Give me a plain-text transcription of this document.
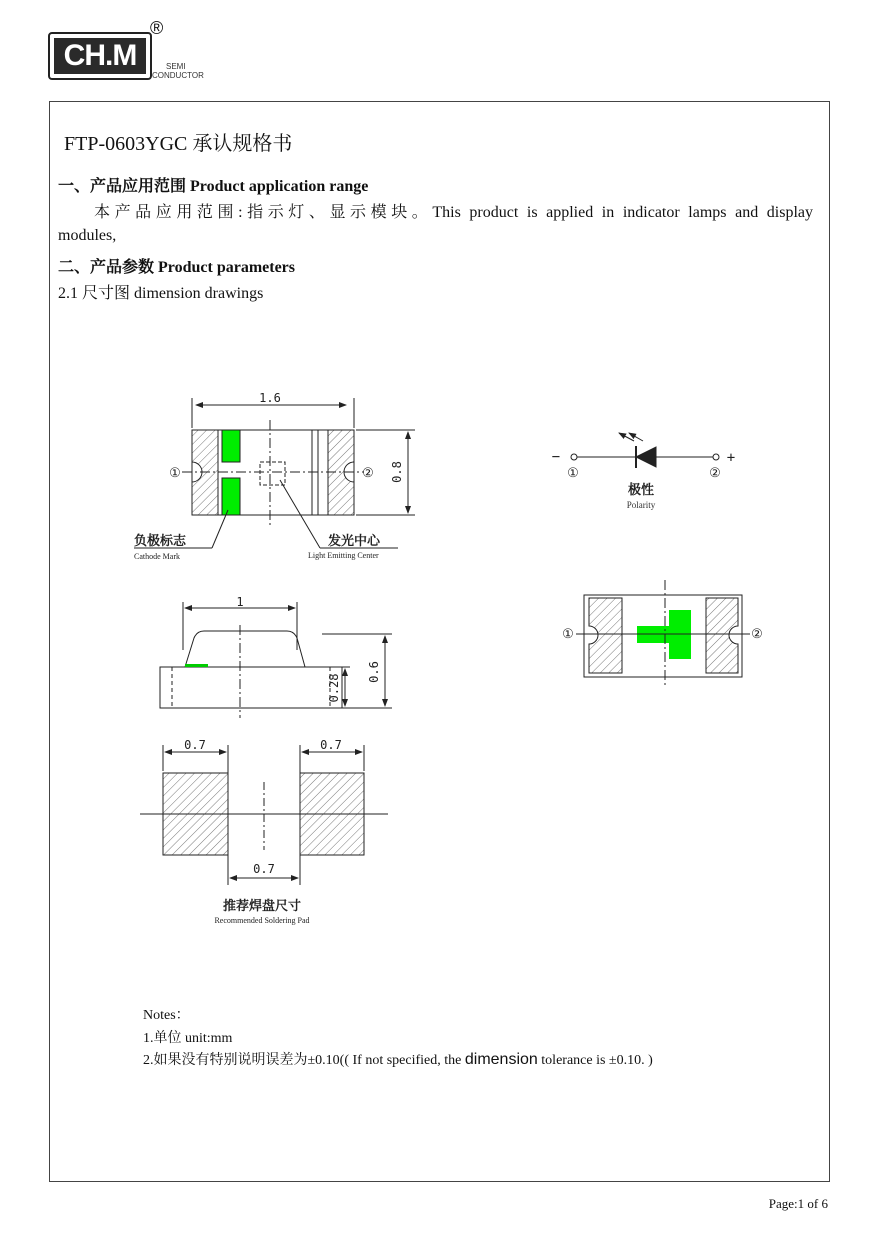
CH.M
®
SEMI
CONDUCTOR
FTP-0603YGC 承认规格书
一、产品应用范围 Product application range
本产品应用范围:指示灯、显示模块。This product is applied in indicator lamps and display
modules,
二、产品参数 Product parameters
2.1 尺寸图 dimension drawings
1.6
0.8
①	②
负极标志
Cathode Mark
发光中心
Light Emitting Center
−	+
①	②
极性
Polarity
①	②
1
0.28
0.6
0.7	0.7
0.7
推荐焊盘尺寸
Recommended Soldering Pad
Notes：
1.单位 unit:mm
2.如果没有特别说明误差为±0.10(( If not specified, the dimension tolerance is ±0.10. )
Page:1 of 6
